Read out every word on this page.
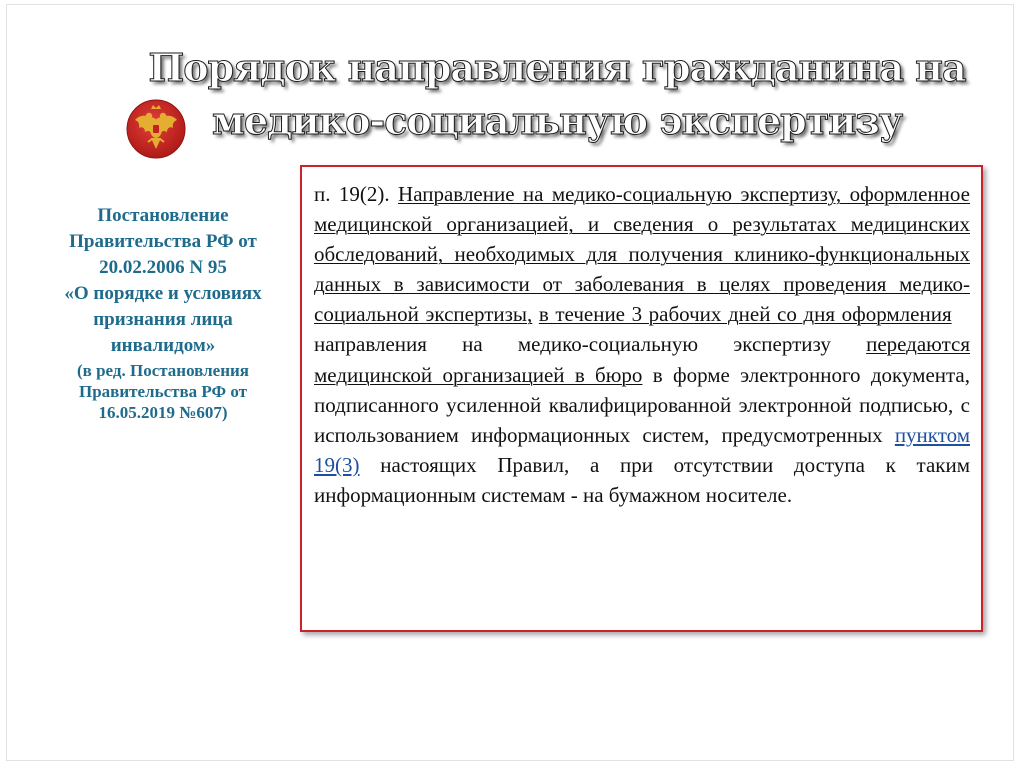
Порядок направления гражданина на медико-социальную экспертизу
Постановление
Правительства РФ от
20.02.2006 N 95
«О порядке и условиях
признания лица
инвалидом»
(в ред. Постановления
Правительства РФ от
16.05.2019 №607)

п. 19(2). Направление на медико-социальную экспертизу, оформленное медицинской организацией, и сведения о результатах медицинских обследований, необходимых для получения клинико-функциональных данных в зависимости от заболевания в целях проведения медико-социальной экспертизы, в течение 3 рабочих дней со дня оформления    направления на медико-социальную экспертизу передаются медицинской организацией в бюро в форме электронного документа, подписанного усиленной квалифицированной электронной подписью, с использованием информационных систем, предусмотренных пунктом 19(3) настоящих Правил, а при отсутствии доступа к таким информационным системам - на бумажном носителе.
